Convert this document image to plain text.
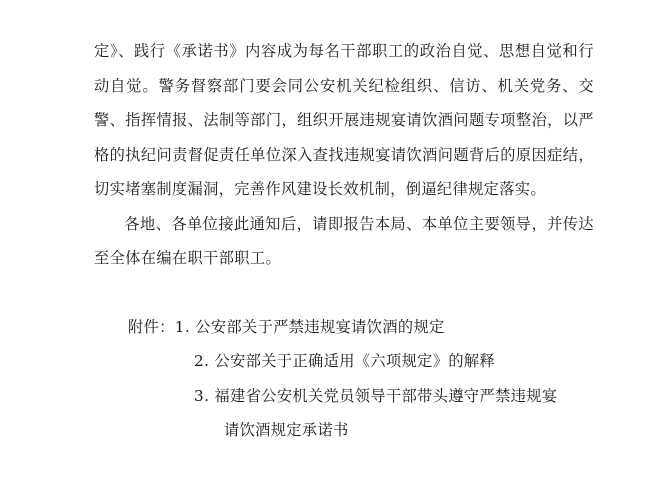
定》、践行《承诺书》内容成为每名干部职工的政治自觉、思想自觉和行动自觉。警务督察部门要会同公安机关纪检组织、信访、机关党务、交警、指挥情报、法制等部门，组织开展违规宴请饮酒问题专项整治，以严格的执纪问责督促责任单位深入查找违规宴请饮酒问题背后的原因症结，切实堵塞制度漏洞，完善作风建设长效机制，倒逼纪律规定落实。

各地、各单位接此通知后，请即报告本局、本单位主要领导，并传达至全体在编在职干部职工。

附件：1. 公安部关于严禁违规宴请饮酒的规定
2. 公安部关于正确适用《六项规定》的解释
3. 福建省公安机关党员领导干部带头遵守严禁违规宴
请饮酒规定承诺书
